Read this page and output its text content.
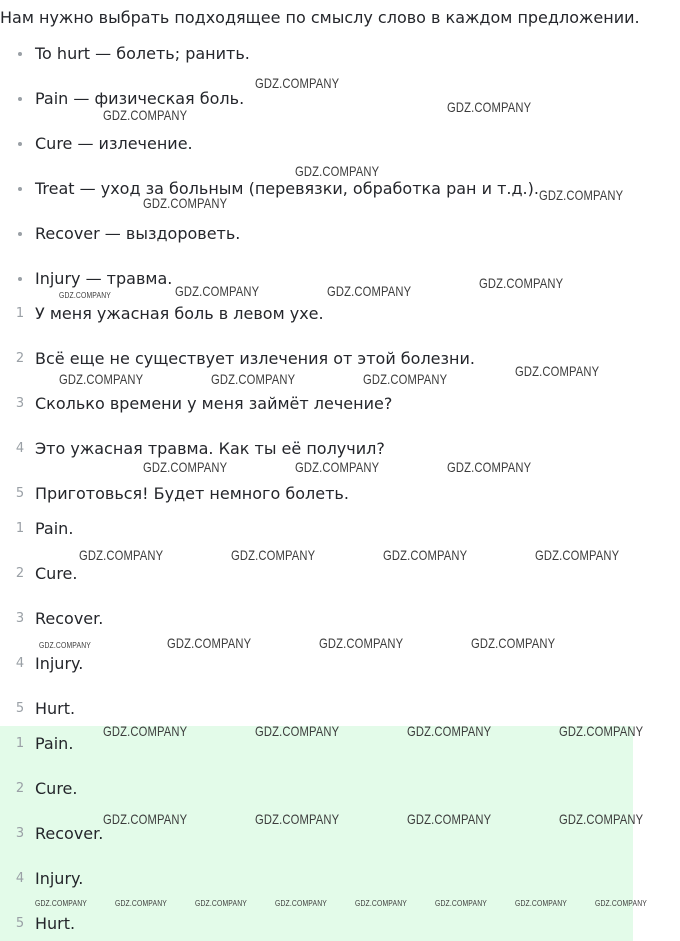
Нам нужно выбрать подходящее по смыслу слово в каждом предложении.
To hurt — болеть; ранить.
Pain — физическая боль.
Cure — излечение.
Treat — уход за больным (перевязки, обработка ран и т.д.).
Recover — выздороветь.
Injury — травма.
1 У меня ужасная боль в левом ухе.
2 Всё еще не существует излечения от этой болезни.
3 Сколько времени у меня займёт лечение?
4 Это ужасная травма. Как ты её получил?
5 Приготовься! Будет немного болеть.
1 Pain.
2 Cure.
3 Recover.
4 Injury.
5 Hurt.
1 Pain.
2 Cure.
3 Recover.
4 Injury.
5 Hurt.
GDZ.COMPANY
GDZ.COMPANY	GDZ.COMPANY
GDZ.COMPANY
GDZ.COMPANY	GDZ.COMPANY
GDZ.COMPANY	GDZ.COMPANY	GDZ.COMPANY	GDZ.COMPANY
GDZ.COMPANY	GDZ.COMPANY	GDZ.COMPANY	GDZ.COMPANY
GDZ.COMPANY	GDZ.COMPANY	GDZ.COMPANY
GDZ.COMPANY	GDZ.COMPANY	GDZ.COMPANY	GDZ.COMPANY
GDZ.COMPANY	GDZ.COMPANY	GDZ.COMPANY	GDZ.COMPANY
GDZ.COMPANY	GDZ.COMPANY	GDZ.COMPANY	GDZ.COMPANY
GDZ.COMPANY	GDZ.COMPANY	GDZ.COMPANY	GDZ.COMPANY
GDZ.COMPANY	GDZ.COMPANY	GDZ.COMPANY	GDZ.COMPANY	GDZ.COMPANY	GDZ.COMPANY	GDZ.COMPANY	GDZ.COMPANY
